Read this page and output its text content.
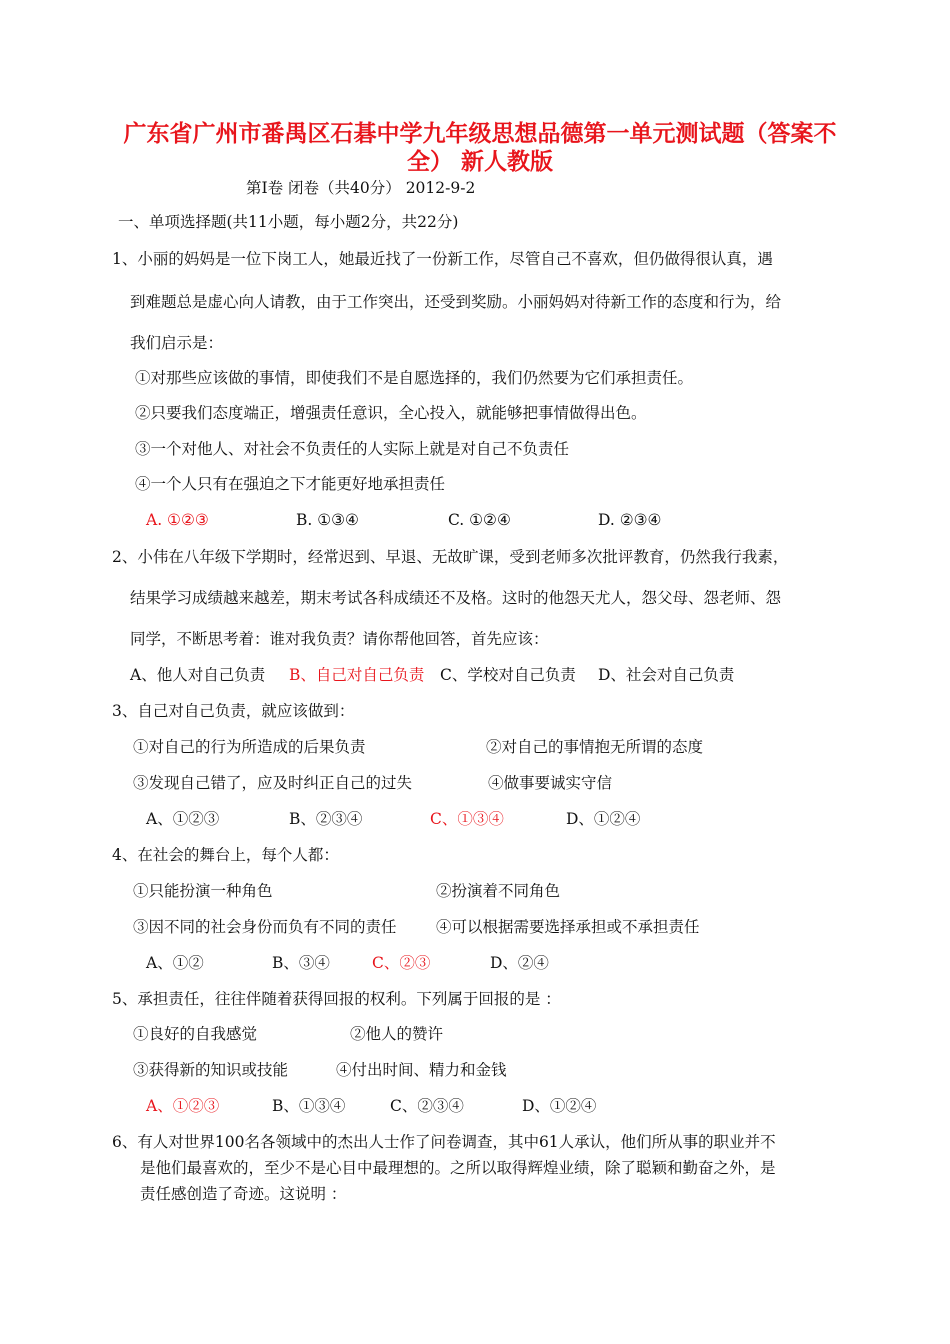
广东省广州市番禺区石碁中学九年级思想品德第一单元测试题（答案不
全） 新人教版
第Ⅰ卷 闭卷（共40分） 2012-9-2
一、单项选择题(共11小题，每小题2分，共22分)
1、小丽的妈妈是一位下岗工人，她最近找了一份新工作，尽管自己不喜欢，但仍做得很认真，遇
到难题总是虚心向人请教，由于工作突出，还受到奖励。小丽妈妈对待新工作的态度和行为，给
我们启示是：
①对那些应该做的事情，即使我们不是自愿选择的，我们仍然要为它们承担责任。
②只要我们态度端正，增强责任意识，全心投入，就能够把事情做得出色。
③一个对他人、对社会不负责任的人实际上就是对自己不负责任
④一个人只有在强迫之下才能更好地承担责任
A. ①②③	B. ①③④	C. ①②④	D. ②③④
2、小伟在八年级下学期时，经常迟到、早退、无故旷课，受到老师多次批评教育，仍然我行我素，
结果学习成绩越来越差，期末考试各科成绩还不及格。这时的他怨天尤人，怨父母、怨老师、怨
同学，不断思考着：谁对我负责？请你帮他回答，首先应该：
A、他人对自己负责 B、自己对自己负责 C、学校对自己负责 D、社会对自己负责
3、自己对自己负责，就应该做到：
①对自己的行为所造成的后果负责	②对自己的事情抱无所谓的态度
③发现自己错了，应及时纠正自己的过失	④做事要诚实守信
A、①②③	B、②③④	C、①③④	D、①②④
4、在社会的舞台上，每个人都：
①只能扮演一种角色	②扮演着不同角色
③因不同的社会身份而负有不同的责任	④可以根据需要选择承担或不承担责任
A、①②	B、③④	C、②③	D、②④
5、承担责任，往往伴随着获得回报的权利。下列属于回报的是 ：
①良好的自我感觉	②他人的赞许
③获得新的知识或技能	④付出时间、精力和金钱
A、①②③	B、①③④	C、②③④	D、①②④
6、有人对世界100名各领域中的杰出人士作了问卷调查，其中61人承认，他们所从事的职业并不
是他们最喜欢的，至少不是心目中最理想的。之所以取得辉煌业绩，除了聪颖和勤奋之外，是
责任感创造了奇迹。这说明 ：
